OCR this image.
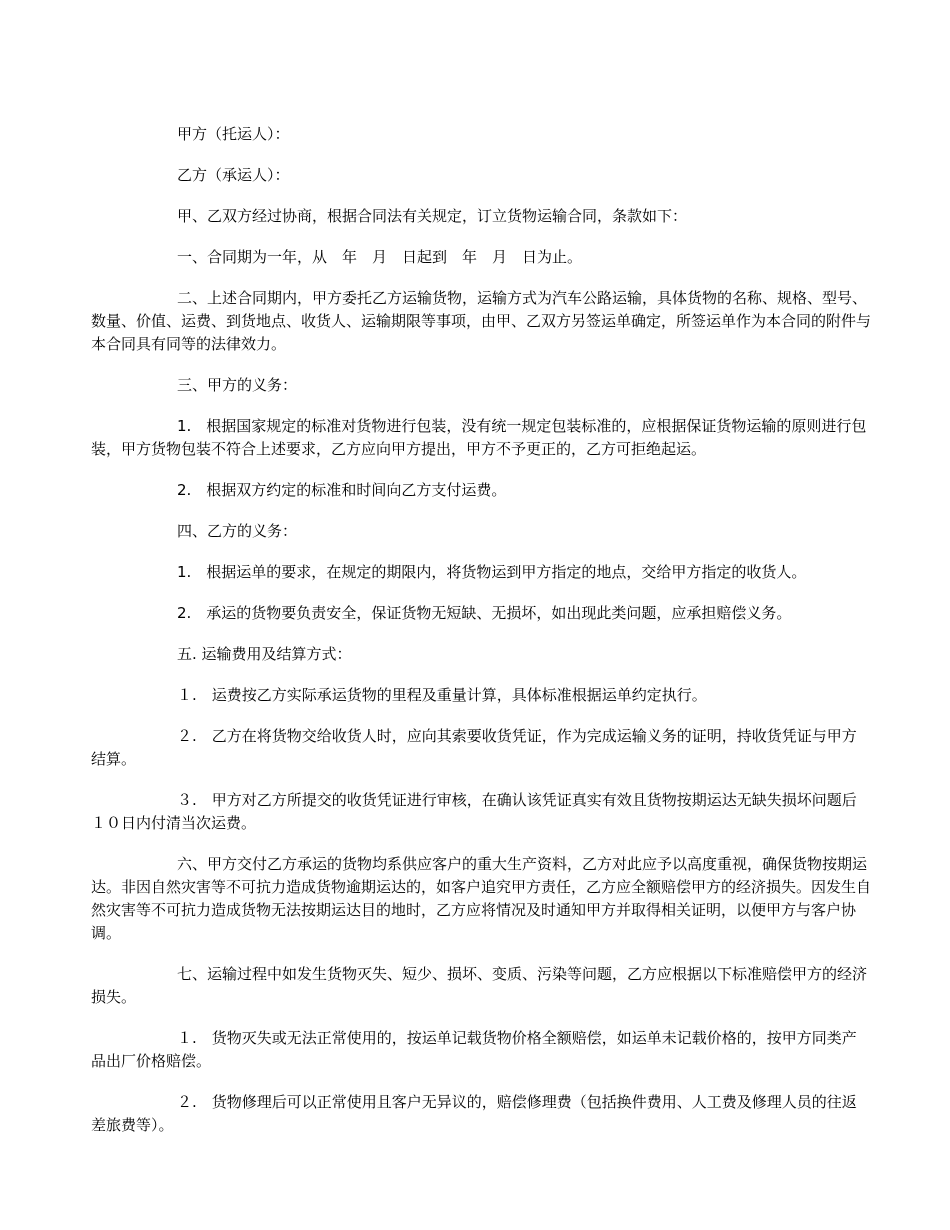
甲方（托运人）：

乙方（承运人）：

甲、乙双方经过协商，根据合同法有关规定，订立货物运输合同，条款如下：

一、合同期为一年，从　年　月　日起到　年　月　日为止。

二、上述合同期内，甲方委托乙方运输货物，运输方式为汽车公路运输，具体货物的名称、规格、型号、数量、价值、运费、到货地点、收货人、运输期限等事项，由甲、乙双方另签运单确定，所签运单作为本合同的附件与本合同具有同等的法律效力。

三、甲方的义务：

1.　根据国家规定的标准对货物进行包装，没有统一规定包装标准的，应根据保证货物运输的原则进行包装，甲方货物包装不符合上述要求，乙方应向甲方提出，甲方不予更正的，乙方可拒绝起运。

2.　根据双方约定的标准和时间向乙方支付运费。

四、乙方的义务：

1.　根据运单的要求，在规定的期限内，将货物运到甲方指定的地点，交给甲方指定的收货人。

2.　承运的货物要负责安全，保证货物无短缺、无损坏，如出现此类问题，应承担赔偿义务。

五. 运输费用及结算方式：

１.　运费按乙方实际承运货物的里程及重量计算，具体标准根据运单约定执行。

２.　乙方在将货物交给收货人时，应向其索要收货凭证，作为完成运输义务的证明，持收货凭证与甲方结算。

３.　甲方对乙方所提交的收货凭证进行审核，在确认该凭证真实有效且货物按期运达无缺失损坏问题后１０日内付清当次运费。

六、甲方交付乙方承运的货物均系供应客户的重大生产资料，乙方对此应予以高度重视，确保货物按期运达。非因自然灾害等不可抗力造成货物逾期运达的，如客户追究甲方责任，乙方应全额赔偿甲方的经济损失。因发生自然灾害等不可抗力造成货物无法按期运达目的地时，乙方应将情况及时通知甲方并取得相关证明，以便甲方与客户协调。

七、运输过程中如发生货物灭失、短少、损坏、变质、污染等问题，乙方应根据以下标准赔偿甲方的经济损失。

１.　货物灭失或无法正常使用的，按运单记载货物价格全额赔偿，如运单未记载价格的，按甲方同类产品出厂价格赔偿。

２.　货物修理后可以正常使用且客户无异议的，赔偿修理费（包括换件费用、人工费及修理人员的往返差旅费等）。
